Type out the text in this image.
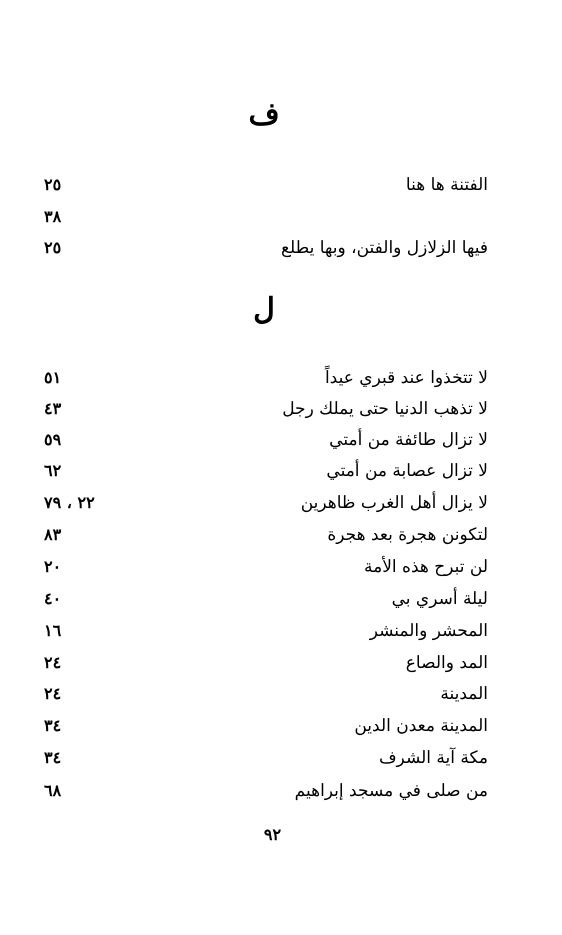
ف
الفتنة ها هنا
٢٥
٣٨
فيها الزلازل والفتن، وبها يطلع
٢٥
ل
لا تتخذوا عند قبري عيداً
٥١
لا تذهب الدنيا حتى يملك رجل
٤٣
لا تزال طائفة من أمتي
٥٩
لا تزال عصابة من أمتي
٦٢
لا يزال أهل الغرب ظاهرين
٢٢ ، ٧٩
لتكونن هجرة بعد هجرة
٨٣
لن تبرح هذه الأمة
٢٠
ليلة أسري بي
٤٠
المحشر والمنشر
١٦
المد والصاع
٢٤
المدينة
٢٤
المدينة معدن الدين
٣٤
مكة آية الشرف
٣٤
من صلى في مسجد إبراهيم
٦٨
٩٢
